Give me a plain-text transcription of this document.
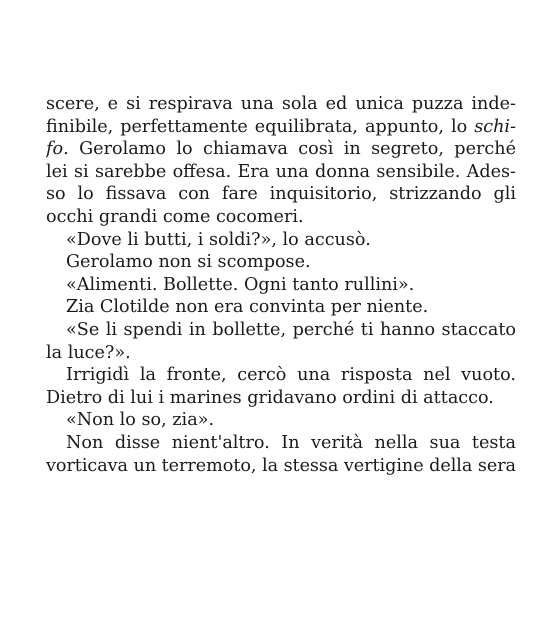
scere, e si respirava una sola ed unica puzza inde-
finibile, perfettamente equilibrata, appunto, lo schi-
fo. Gerolamo lo chiamava così in segreto, perché
lei si sarebbe offesa. Era una donna sensibile. Ades-
so lo fissava con fare inquisitorio, strizzando gli
occhi grandi come cocomeri.
«Dove li butti, i soldi?», lo accusò.
Gerolamo non si scompose.
«Alimenti. Bollette. Ogni tanto rullini».
Zia Clotilde non era convinta per niente.
«Se li spendi in bollette, perché ti hanno staccato
la luce?».
Irrigidì la fronte, cercò una risposta nel vuoto.
Dietro di lui i marines gridavano ordini di attacco.
«Non lo so, zia».
Non disse nient'altro. In verità nella sua testa
vorticava un terremoto, la stessa vertigine della sera
